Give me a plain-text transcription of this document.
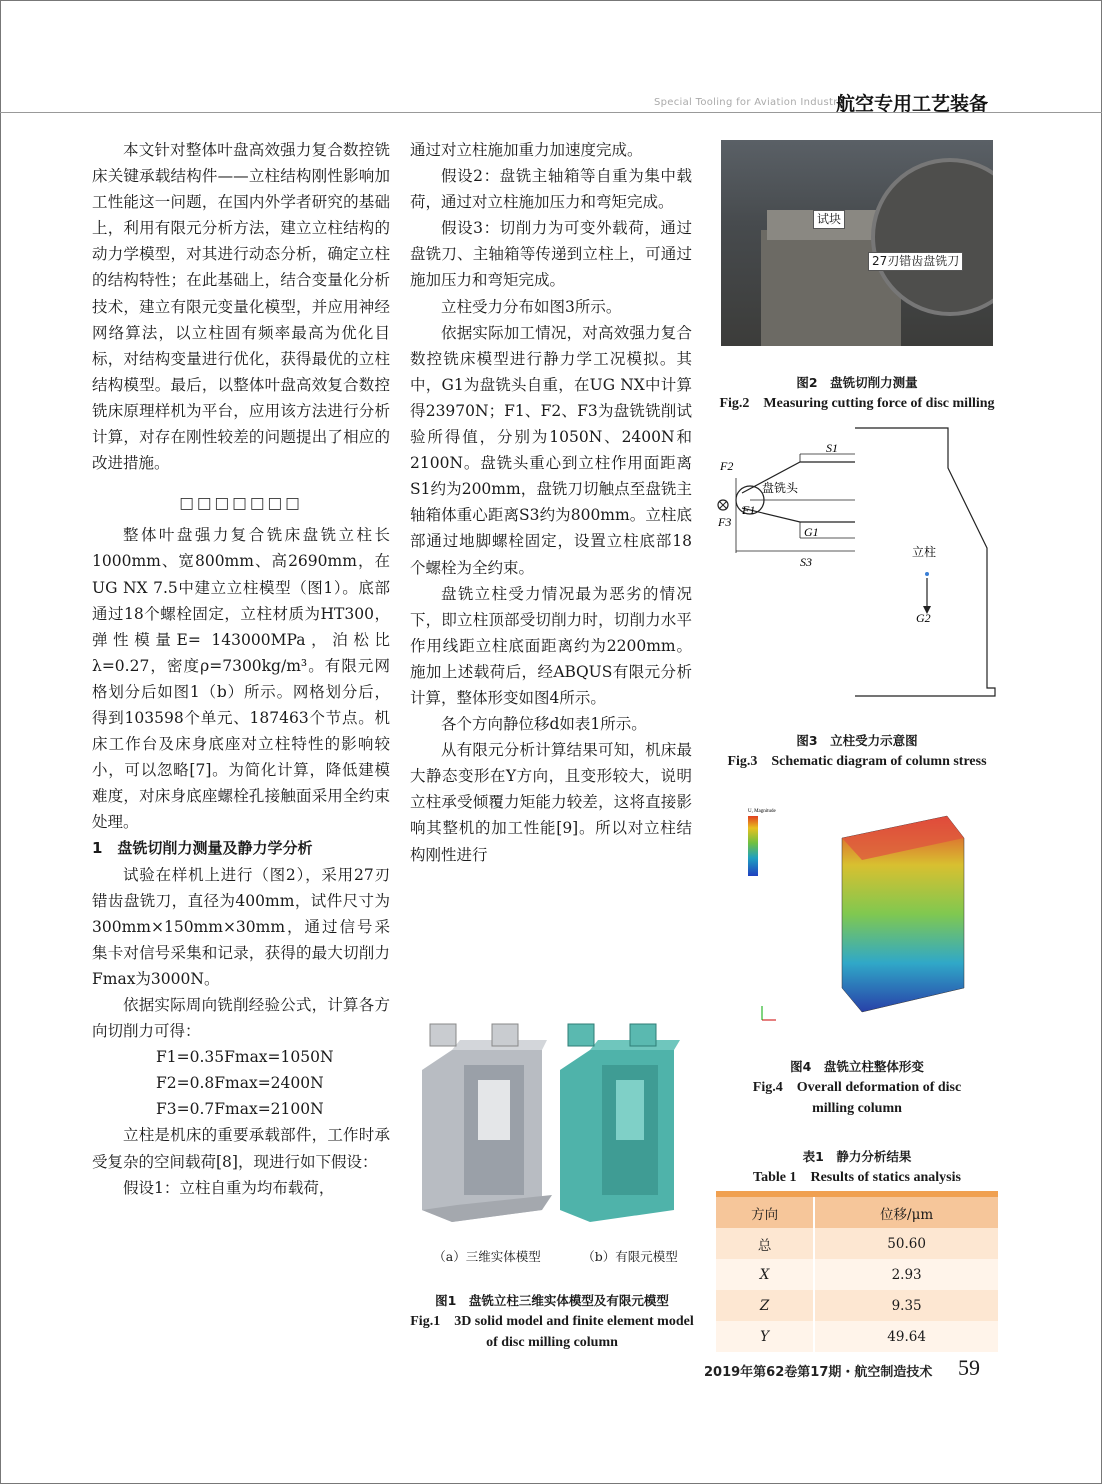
Special Tooling for Aviation Industry
航空专用工艺装备

本文针对整体叶盘高效强力复合数控铣床关键承载结构件——立柱结构刚性影响加工性能这一问题，在国内外学者研究的基础上，利用有限元分析方法，建立立柱结构的动力学模型，对其进行动态分析，确定立柱的结构特性；在此基础上，结合变量化分析技术，建立有限元变量化模型，并应用神经网络算法，以立柱固有频率最高为优化目标，对结构变量进行优化，获得最优的立柱结构模型。最后，以整体叶盘高效复合数控铣床原理样机为平台，应用该方法进行分析计算，对存在刚性较差的问题提出了相应的改进措施。

□□□□□□□

整体叶盘强力复合铣床盘铣立柱长1000mm、宽800mm、高2690mm，在UG NX 7.5中建立立柱模型（图1）。底部通过18个螺栓固定，立柱材质为HT300，弹性模量E= 143000MPa，泊松比λ=0.27，密度ρ=7300kg/m³。有限元网格划分后如图1（b）所示。网格划分后，得到103598个单元、187463个节点。机床工作台及床身底座对立柱特性的影响较小，可以忽略[7]。为简化计算，降低建模难度，对床身底座螺栓孔接触面采用全约束处理。

1　盘铣切削力测量及静力学分析

试验在样机上进行（图2），采用27刃错齿盘铣刀，直径为400mm，试件尺寸为300mm×150mm×30mm，通过信号采集卡对信号采集和记录，获得的最大切削力Fmax为3000N。

依据实际周向铣削经验公式，计算各方向切削力可得：

F1=0.35Fmax=1050N

F2=0.8Fmax=2400N

F3=0.7Fmax=2100N

立柱是机床的重要承载部件，工作时承受复杂的空间载荷[8]，现进行如下假设：

假设1：立柱自重为均布载荷，

通过对立柱施加重力加速度完成。

假设2：盘铣主轴箱等自重为集中载荷，通过对立柱施加压力和弯矩完成。

假设3：切削力为可变外载荷，通过盘铣刀、主轴箱等传递到立柱上，可通过施加压力和弯矩完成。

立柱受力分布如图3所示。

依据实际加工情况，对高效强力复合数控铣床模型进行静力学工况模拟。其中，G1为盘铣头自重，在UG NX中计算得23970N；F1、F2、F3为盘铣铣削试验所得值，分别为1050N、2400N和2100N。盘铣头重心到立柱作用面距离S1约为200mm，盘铣刀切触点至盘铣主轴箱体重心距离S3约为800mm。立柱底部通过地脚螺栓固定，设置立柱底部18个螺栓为全约束。

盘铣立柱受力情况最为恶劣的情况下，即立柱顶部受切削力时，切削力水平作用线距立柱底面距离约为2200mm。施加上述载荷后，经ABQUS有限元分析计算，整体形变如图4所示。

各个方向静位移d如表1所示。

从有限元分析计算结果可知，机床最大静态变形在Y方向，且变形较大，说明立柱承受倾覆力矩能力较差，这将直接影响其整机的加工性能[9]。所以对立柱结构刚性进行

（a）三维实体模型	（b）有限元模型
图1　盘铣立柱三维实体模型及有限元模型
Fig.1　3D solid model and finite element model
of disc milling column
试块
27刃错齿盘铣刀
图2　盘铣切削力测量
Fig.2　Measuring cutting force of disc milling
F2
F1
F3
S1
G1
S3
G2
盘铣头
立柱
图3　立柱受力示意图
Fig.3　Schematic diagram of column stress
U, Magnitude
图4　盘铣立柱整体形变
Fig.4　Overall deformation of disc
milling column
表1　静力分析结果
Table 1　Results of statics analysis
方向	位移/μm
总	50.60
X	2.93
Z	9.35
Y	49.64
2019年第62卷第17期・航空制造技术 59
